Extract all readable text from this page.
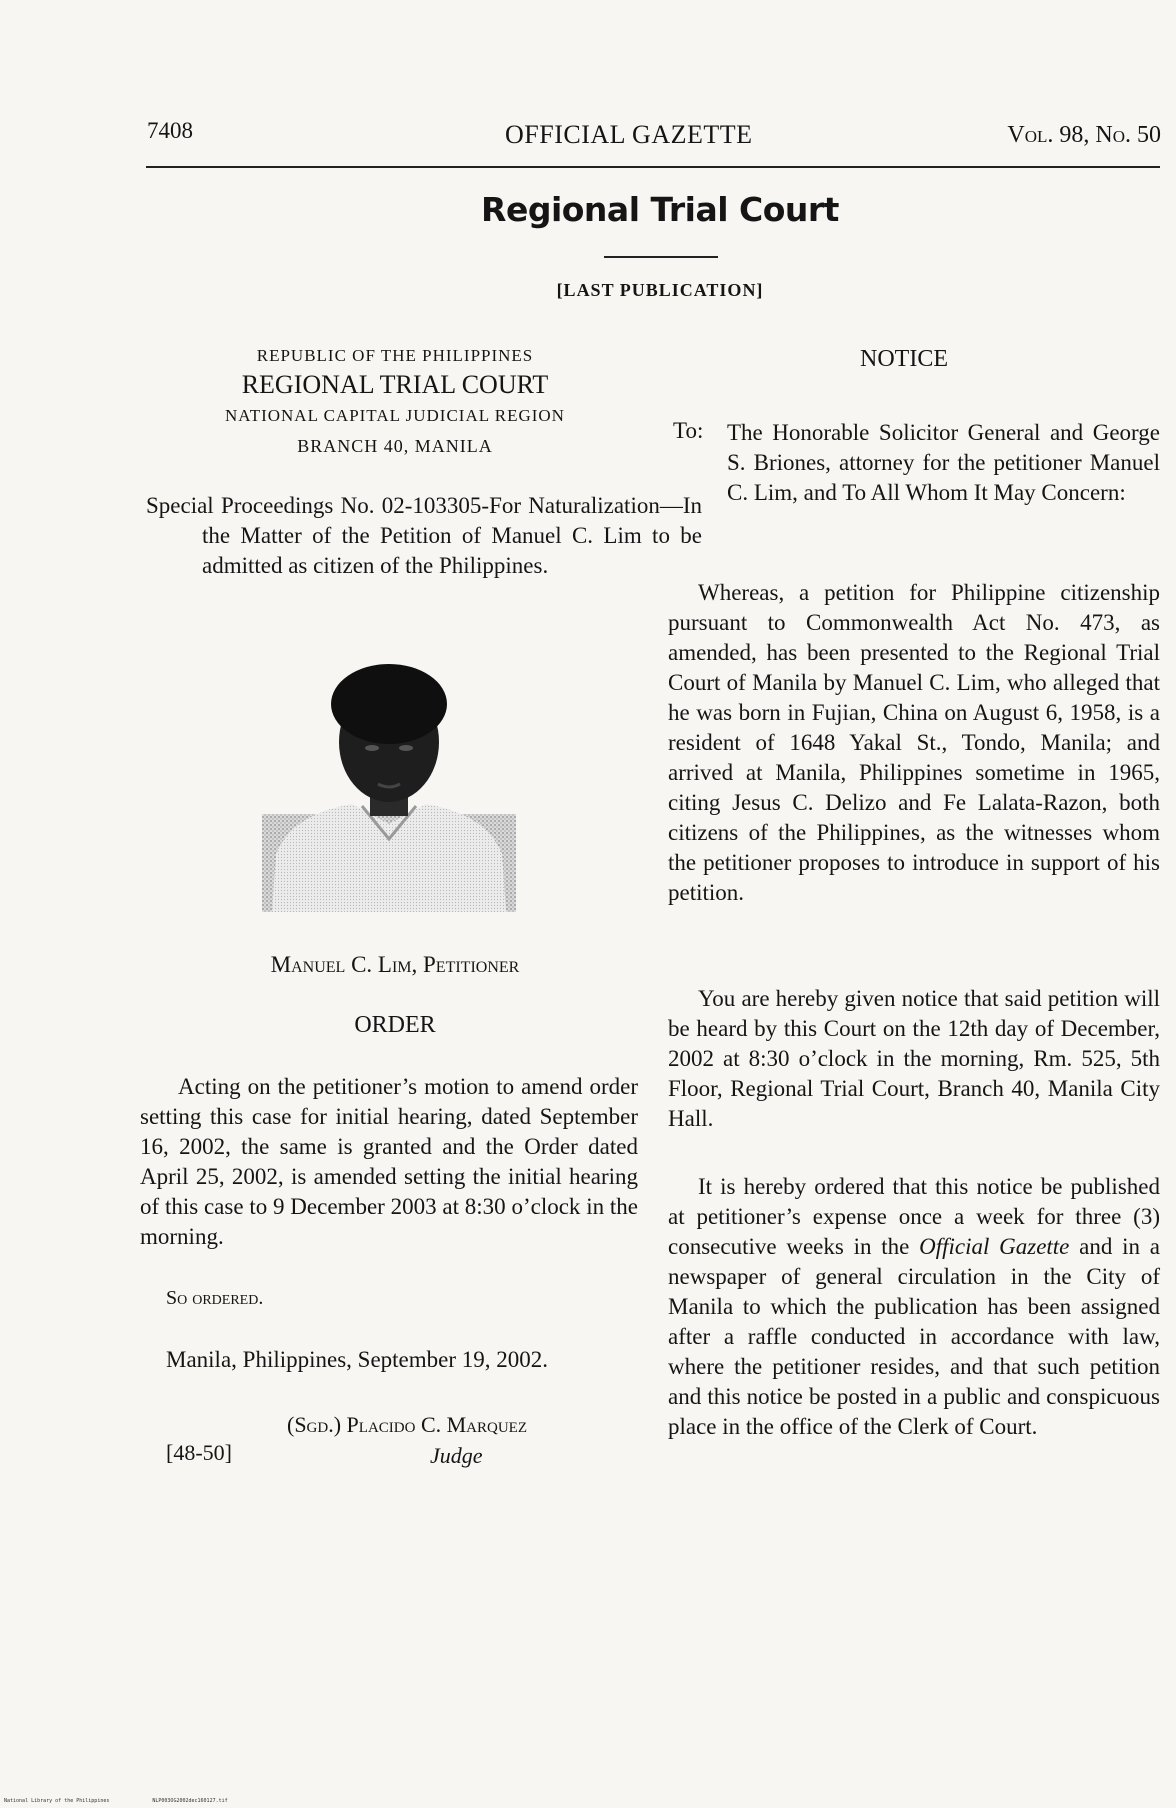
7408	OFFICIAL GAZETTE	Vol. 98, No. 50
Regional Trial Court
[LAST PUBLICATION]
REPUBLIC OF THE PHILIPPINES
REGIONAL TRIAL COURT
NATIONAL CAPITAL JUDICIAL REGION
BRANCH 40, MANILA
Special Proceedings No. 02-103305-For Naturalization—In the Matter of the Petition of Manuel C. Lim to be admitted as citizen of the Philippines.
Manuel C. Lim, Petitioner
ORDER
Acting on the petitioner’s motion to amend order setting this case for initial hearing, dated September 16, 2002, the same is granted and the Order dated April 25, 2002, is amended setting the initial hearing of this case to 9 December 2003 at 8:30 o’clock in the morning.
So ordered.
Manila, Philippines, September 19, 2002.
(Sgd.) Placido C. Marquez
Judge
[48-50]
NOTICE
To: The Honorable Solicitor General and George S. Briones, attorney for the petitioner Manuel C. Lim, and To All Whom It May Concern:
Whereas, a petition for Philippine citizenship pursuant to Commonwealth Act No. 473, as amended, has been presented to the Regional Trial Court of Manila by Manuel C. Lim, who alleged that he was born in Fujian, China on August 6, 1958, is a resident of 1648 Yakal St., Tondo, Manila; and arrived at Manila, Philippines sometime in 1965, citing Jesus C. Delizo and Fe Lalata-Razon, both citizens of the Philippines, as the witnesses whom the petitioner proposes to introduce in support of his petition.
You are hereby given notice that said petition will be heard by this Court on the 12th day of December, 2002 at 8:30 o’clock in the morning, Rm. 525, 5th Floor, Regional Trial Court, Branch 40, Manila City Hall.
It is hereby ordered that this notice be published at petitioner’s expense once a week for three (3) consecutive weeks in the Official Gazette and in a newspaper of general circulation in the City of Manila to which the publication has been assigned after a raffle conducted in accordance with law, where the petitioner resides, and that such petition and this notice be posted in a public and conspicuous place in the office of the Clerk of Court.
National Library of the Philippines	NLP003OG2002dec160127.tif
